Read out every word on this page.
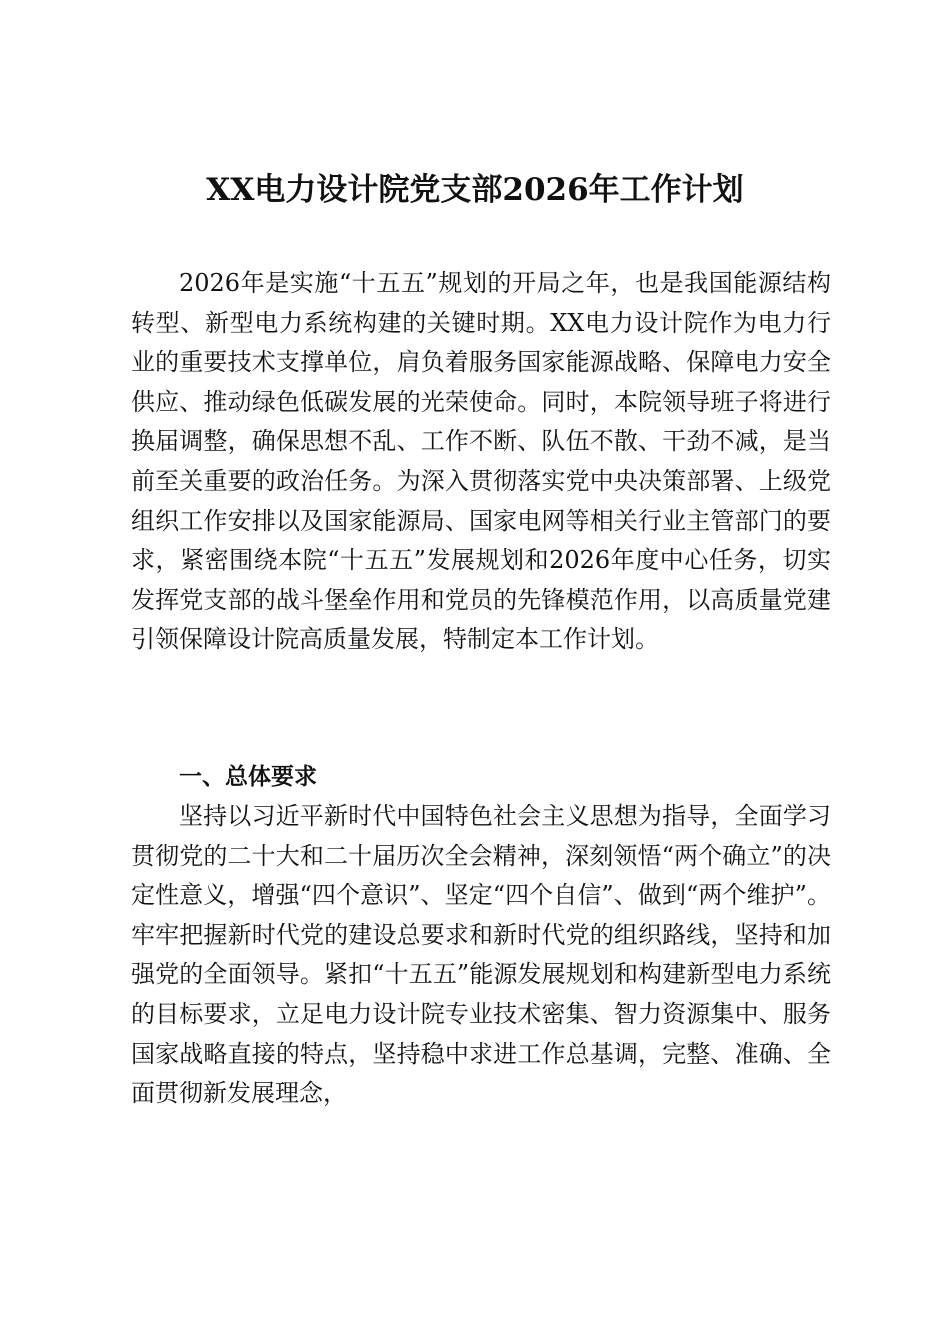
XX电力设计院党支部2026年工作计划

2026年是实施“十五五”规划的开局之年，也是我国能源结构转型、新型电力系统构建的关键时期。XX电力设计院作为电力行业的重要技术支撑单位，肩负着服务国家能源战略、保障电力安全供应、推动绿色低碳发展的光荣使命。同时，本院领导班子将进行换届调整，确保思想不乱、工作不断、队伍不散、干劲不减，是当前至关重要的政治任务。为深入贯彻落实党中央决策部署、上级党组织工作安排以及国家能源局、国家电网等相关行业主管部门的要求，紧密围绕本院“十五五”发展规划和2026年度中心任务，切实发挥党支部的战斗堡垒作用和党员的先锋模范作用，以高质量党建引领保障设计院高质量发展，特制定本工作计划。

一、总体要求

坚持以习近平新时代中国特色社会主义思想为指导，全面学习贯彻党的二十大和二十届历次全会精神，深刻领悟“两个确立”的决定性意义，增强“四个意识”、坚定“四个自信”、做到“两个维护”。牢牢把握新时代党的建设总要求和新时代党的组织路线，坚持和加强党的全面领导。紧扣“十五五”能源发展规划和构建新型电力系统的目标要求，立足电力设计院专业技术密集、智力资源集中、服务国家战略直接的特点，坚持稳中求进工作总基调，完整、准确、全面贯彻新发展理念，
